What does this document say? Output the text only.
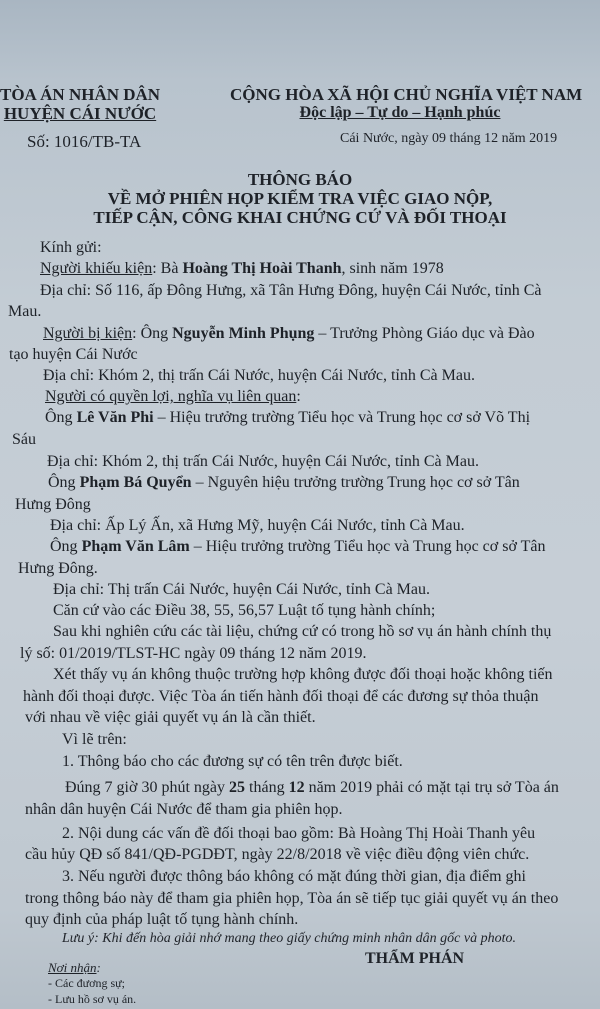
TÒA ÁN NHÂN DÂN
HUYỆN CÁI NƯỚC
Số: 1016/TB-TA
CỘNG HÒA XÃ HỘI CHỦ NGHĨA VIỆT NAM
Độc lập – Tự do – Hạnh phúc
Cái Nước, ngày 09 tháng 12 năm 2019
THÔNG BÁO
VỀ MỞ PHIÊN HỌP KIỂM TRA VIỆC GIAO NỘP,
TIẾP CẬN, CÔNG KHAI CHỨNG CỨ VÀ ĐỐI THOẠI
Kính gửi:
Người khiếu kiện: Bà Hoàng Thị Hoài Thanh, sinh năm 1978
Địa chỉ: Số 116, ấp Đông Hưng, xã Tân Hưng Đông, huyện Cái Nước, tỉnh Cà
Mau.
Người bị kiện: Ông Nguyễn Minh Phụng – Trưởng Phòng Giáo dục và Đào
tạo huyện Cái Nước
Địa chỉ: Khóm 2, thị trấn Cái Nước, huyện Cái Nước, tỉnh Cà Mau.
Người có quyền lợi, nghĩa vụ liên quan:
Ông Lê Văn Phi – Hiệu trưởng trường Tiểu học và Trung học cơ sở Võ Thị
Sáu
Địa chỉ: Khóm 2, thị trấn Cái Nước, huyện Cái Nước, tỉnh Cà Mau.
Ông Phạm Bá Quyển – Nguyên hiệu trưởng trường Trung học cơ sở Tân
Hưng Đông
Địa chỉ: Ấp Lý Ấn, xã Hưng Mỹ, huyện Cái Nước, tỉnh Cà Mau.
Ông Phạm Văn Lâm – Hiệu trưởng trường Tiểu học và Trung học cơ sở Tân
Hưng Đông.
Địa chỉ: Thị trấn Cái Nước, huyện Cái Nước, tỉnh Cà Mau.
Căn cứ vào các Điều 38, 55, 56,57 Luật tố tụng hành chính;
Sau khi nghiên cứu các tài liệu, chứng cứ có trong hồ sơ vụ án hành chính thụ
lý số: 01/2019/TLST-HC ngày 09 tháng 12 năm 2019.
Xét thấy vụ án không thuộc trường hợp không được đối thoại hoặc không tiến
hành đối thoại được. Việc Tòa án tiến hành đối thoại để các đương sự thỏa thuận
với nhau về việc giải quyết vụ án là cần thiết.
Vì lẽ trên:
1. Thông báo cho các đương sự có tên trên được biết.
Đúng 7 giờ 30 phút ngày 25 tháng 12 năm 2019 phải có mặt tại trụ sở Tòa án
nhân dân huyện Cái Nước để tham gia phiên họp.
2. Nội dung các vấn đề đối thoại bao gồm: Bà Hoàng Thị Hoài Thanh yêu
cầu hủy QĐ số 841/QĐ-PGDĐT, ngày 22/8/2018 về việc điều động viên chức.
3. Nếu người được thông báo không có mặt đúng thời gian, địa điểm ghi
trong thông báo này để tham gia phiên họp, Tòa án sẽ tiếp tục giải quyết vụ án theo
quy định của pháp luật tố tụng hành chính.
Lưu ý: Khi đến hòa giải nhớ mang theo giấy chứng minh nhân dân gốc và photo.
Nơi nhận:
- Các đương sự;
- Lưu hồ sơ vụ án.
THẨM PHÁN
